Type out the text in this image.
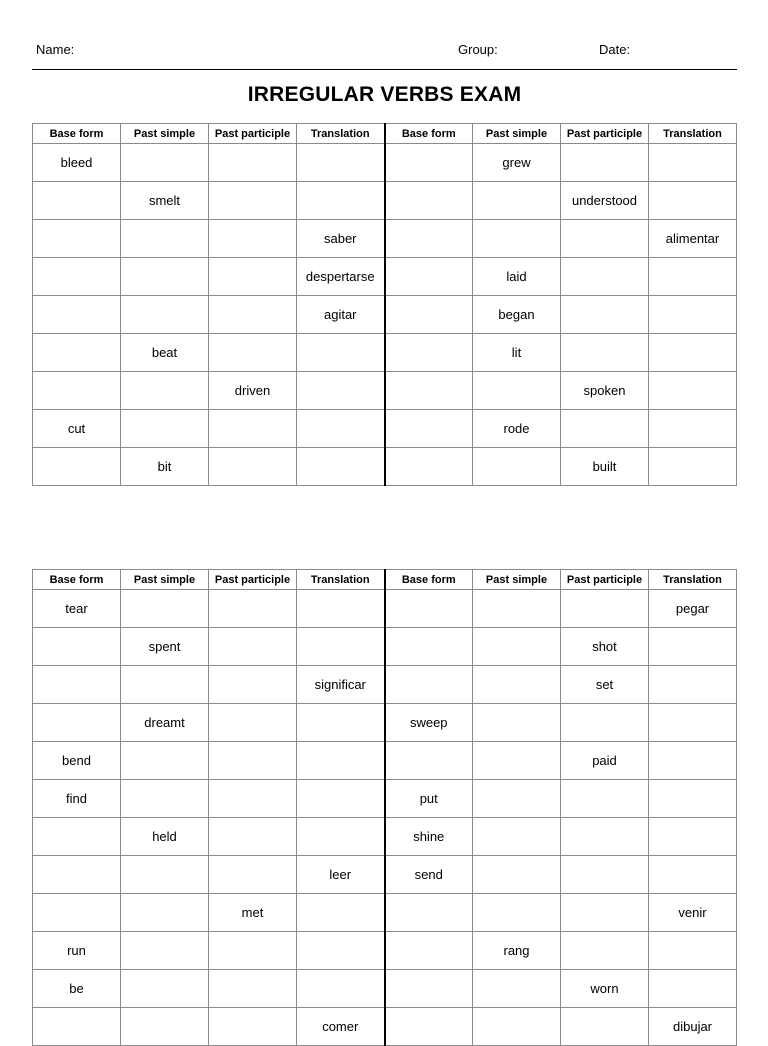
Name:	Group:	Date:
IRREGULAR VERBS EXAM
Base form	Past simple	Past participle	Translation	Base form	Past simple	Past participle	Translation
bleed					grew		
	smelt					understood	
			saber				alimentar
			despertarse		laid		
			agitar		began		
	beat				lit		
		driven				spoken	
cut					rode		
	bit					built	
Base form	Past simple	Past participle	Translation	Base form	Past simple	Past participle	Translation
tear							pegar
	spent					shot	
			significar			set	
	dreamt			sweep			
bend						paid	
find				put			
	held			shine			
			leer	send			
		met					venir
run					rang		
be						worn	
			comer				dibujar
